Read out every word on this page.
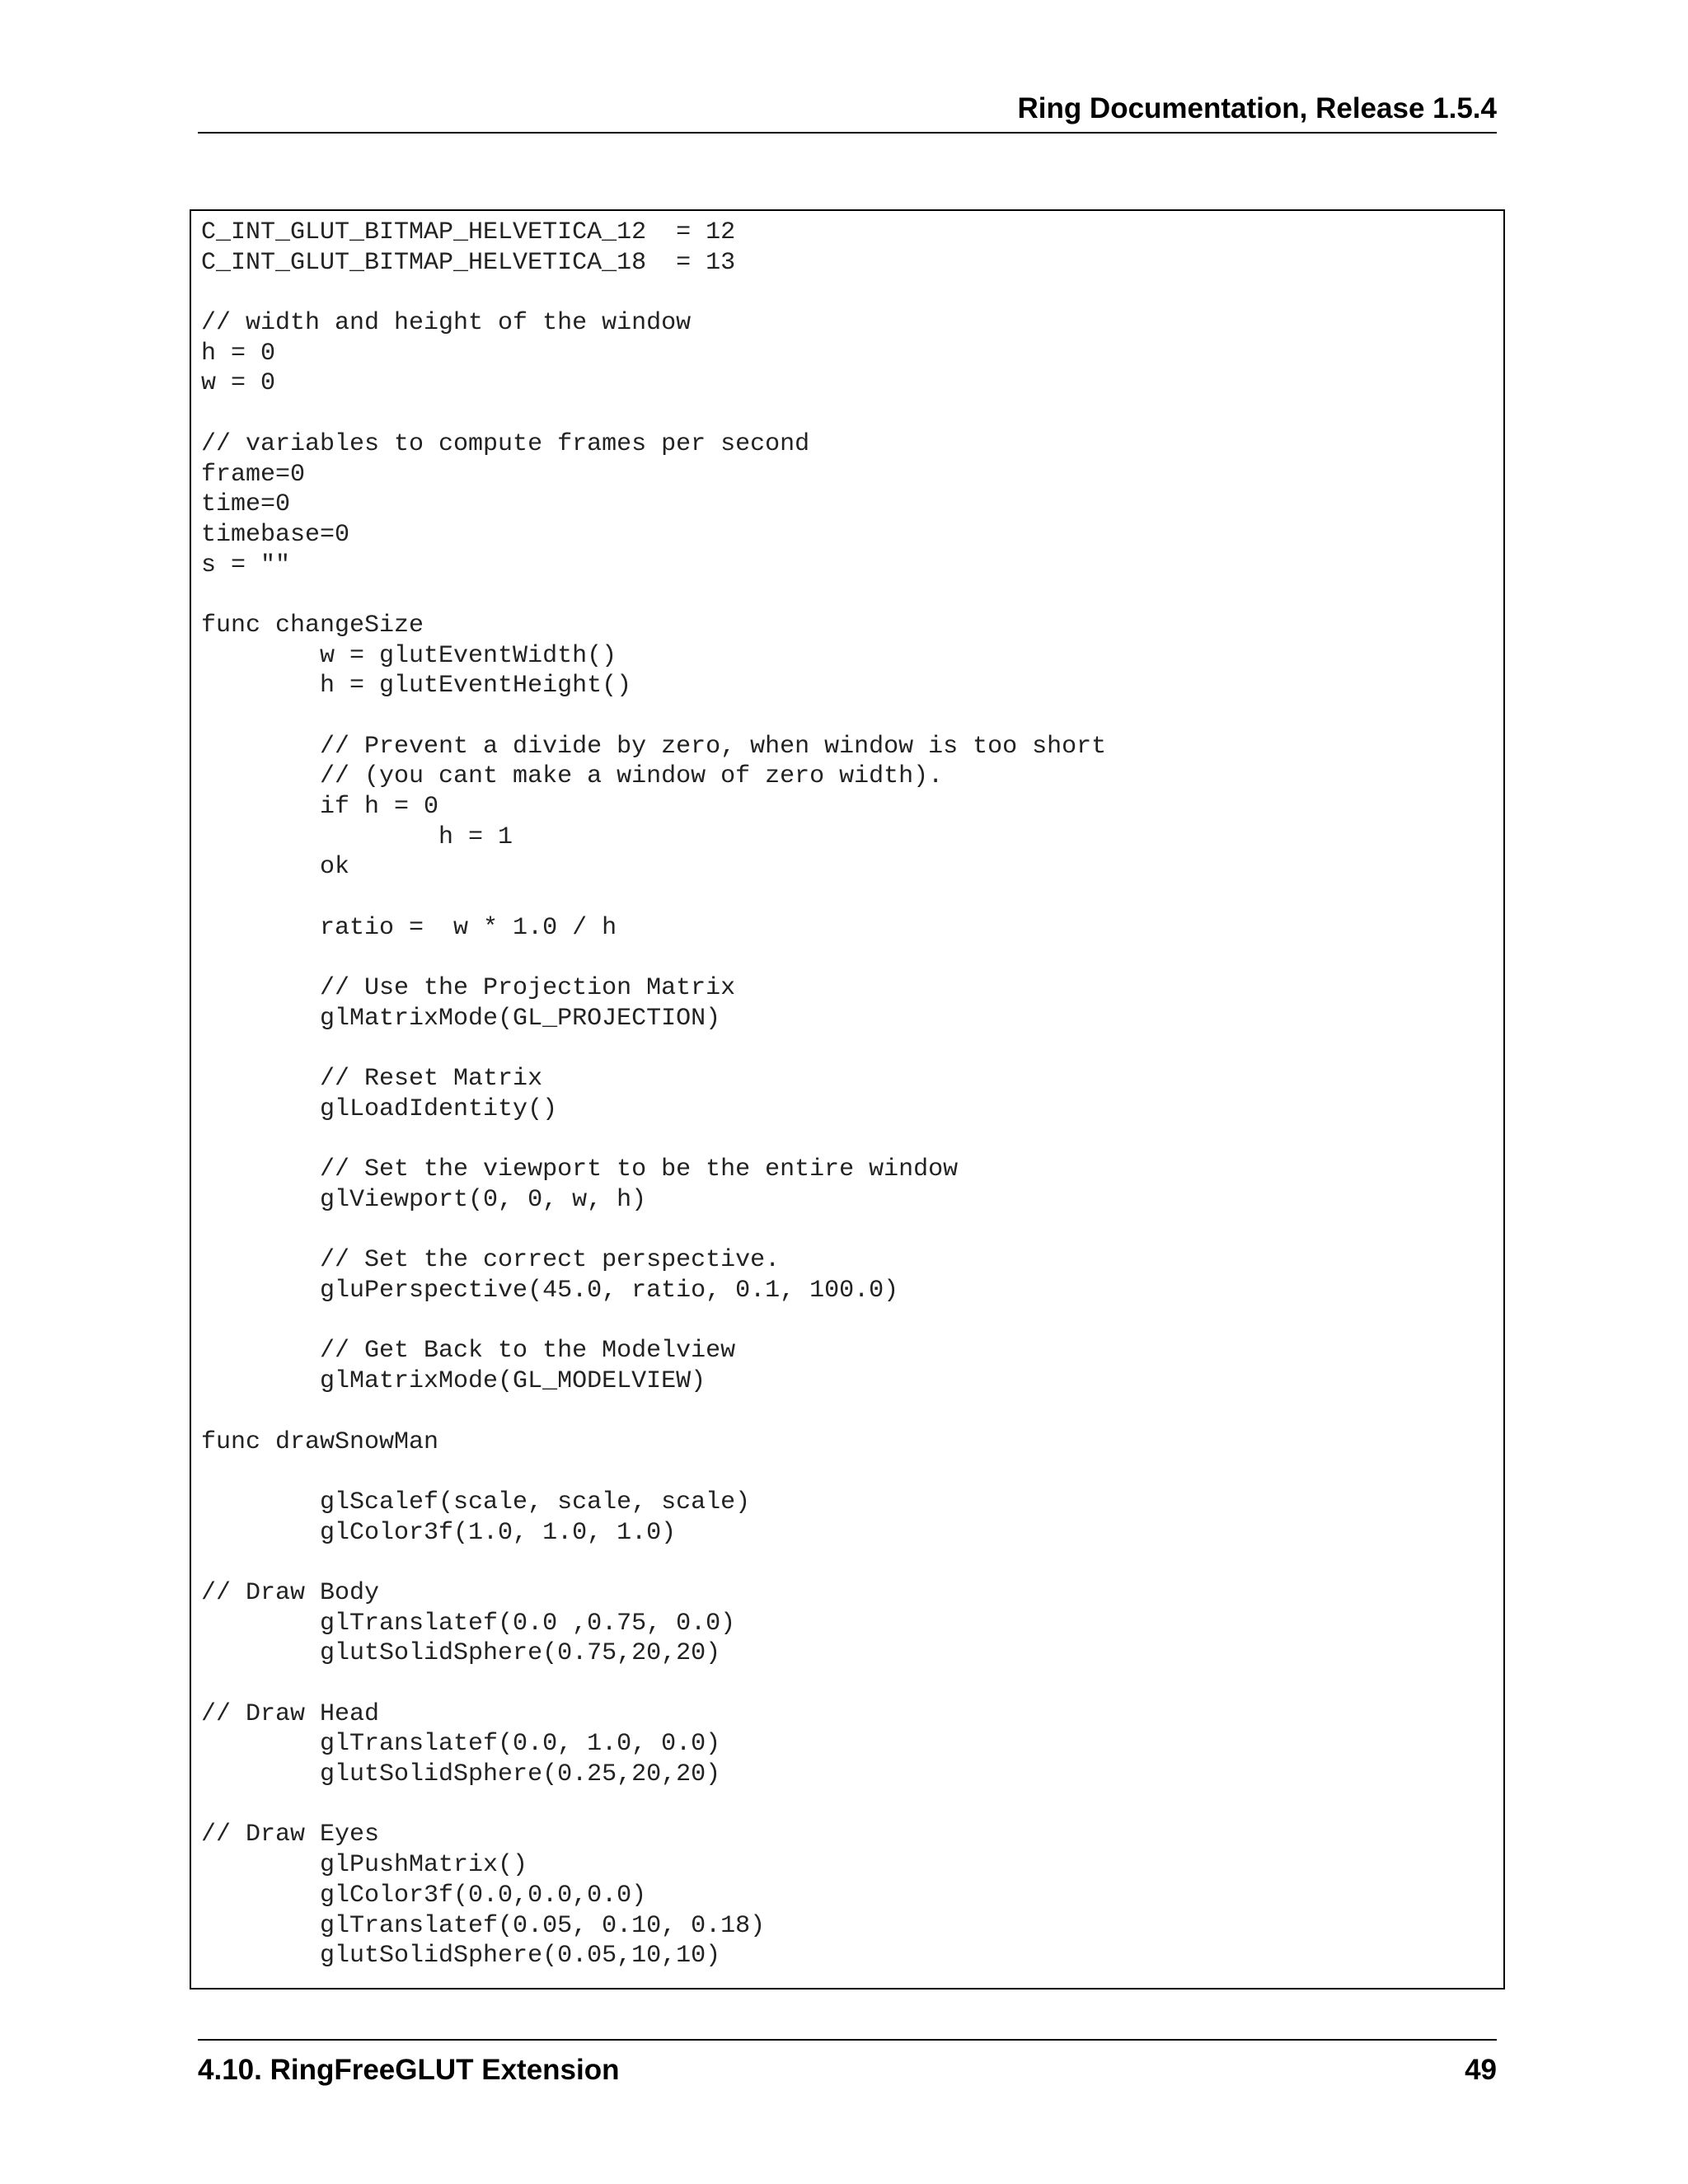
Ring Documentation, Release 1.5.4
C_INT_GLUT_BITMAP_HELVETICA_12  = 12
C_INT_GLUT_BITMAP_HELVETICA_18  = 13
// width and height of the window
h = 0
w = 0
// variables to compute frames per second
frame=0
time=0
timebase=0
s = ""
func changeSize
w = glutEventWidth()
h = glutEventHeight()
// Prevent a divide by zero, when window is too short
// (you cant make a window of zero width).
if h = 0
h = 1
ok
ratio =  w * 1.0 / h
// Use the Projection Matrix
glMatrixMode(GL_PROJECTION)
// Reset Matrix
glLoadIdentity()
// Set the viewport to be the entire window
glViewport(0, 0, w, h)
// Set the correct perspective.
gluPerspective(45.0, ratio, 0.1, 100.0)
// Get Back to the Modelview
glMatrixMode(GL_MODELVIEW)
func drawSnowMan
glScalef(scale, scale, scale)
glColor3f(1.0, 1.0, 1.0)
// Draw Body
glTranslatef(0.0 ,0.75, 0.0)
glutSolidSphere(0.75,20,20)
// Draw Head
glTranslatef(0.0, 1.0, 0.0)
glutSolidSphere(0.25,20,20)
// Draw Eyes
glPushMatrix()
glColor3f(0.0,0.0,0.0)
glTranslatef(0.05, 0.10, 0.18)
glutSolidSphere(0.05,10,10)
4.10. RingFreeGLUT Extension	49
